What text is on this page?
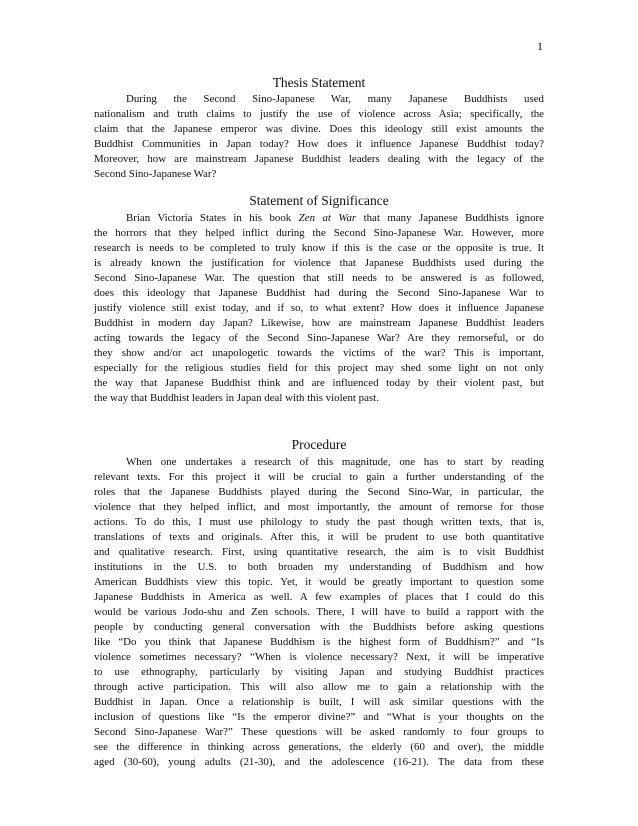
1
Thesis Statement
During the Second Sino-Japanese War, many Japanese Buddhists used
nationalism and truth claims to justify the use of violence across Asia; specifically, the
claim that the Japanese emperor was divine. Does this ideology still exist amounts the
Buddhist Communities in Japan today? How does it influence Japanese Buddhist today?
Moreover, how are mainstream Japanese Buddhist leaders dealing with the legacy of the
Second Sino-Japanese War?
Statement of Significance
Brian Victoria States in his book Zen at War that many Japanese Buddhists ignore
the horrors that they helped inflict during the Second Sino-Japanese War. However, more
research is needs to be completed to truly know if this is the case or the opposite is true. It
is already known the justification for violence that Japanese Buddhists used during the
Second Sino-Japanese War. The question that still needs to be answered is as followed,
does this ideology that Japanese Buddhist had during the Second Sino-Japanese War to
justify violence still exist today, and if so, to what extent? How does it influence Japanese
Buddhist in modern day Japan? Likewise, how are mainstream Japanese Buddhist leaders
acting towards the legacy of the Second Sino-Japanese War? Are they remorseful, or do
they show and/or act unapologetic towards the victims of the war? This is important,
especially for the religious studies field for this project may shed some light on not only
the way that Japanese Buddhist think and are influenced today by their violent past, but
the way that Buddhist leaders in Japan deal with this violent past.
Procedure
When one undertakes a research of this magnitude, one has to start by reading
relevant texts. For this project it will be crucial to gain a further understanding of the
roles that the Japanese Buddhists played during the Second Sino-War, in particular, the
violence that they helped inflict, and most importantly, the amount of remorse for those
actions. To do this, I must use philology to study the past though written texts, that is,
translations of texts and originals. After this, it will be prudent to use both quantitative
and qualitative research. First, using quantitative research, the aim is to visit Buddhist
institutions in the U.S. to both broaden my understanding of Buddhism and how
American Buddhists view this topic. Yet, it would be greatly important to question some
Japanese Buddhists in America as well. A few examples of places that I could do this
would be various Jodo-shu and Zen schools. There, I will have to build a rapport with the
people by conducting general conversation with the Buddhists before asking questions
like “Do you think that Japanese Buddhism is the highest form of Buddhism?” and “Is
violence sometimes necessary? “When is violence necessary? Next, it will be imperative
to use ethnography, particularly by visiting Japan and studying Buddhist practices
through active participation. This will also allow me to gain a relationship with the
Buddhist in Japan. Once a relationship is built, I will ask similar questions with the
inclusion of questions like “Is the emperor divine?” and “What is your thoughts on the
Second Sino-Japanese War?” These questions will be asked randomly to four groups to
see the difference in thinking across generations, the elderly (60 and over), the middle
aged (30-60), young adults (21-30), and the adolescence (16-21). The data from these
